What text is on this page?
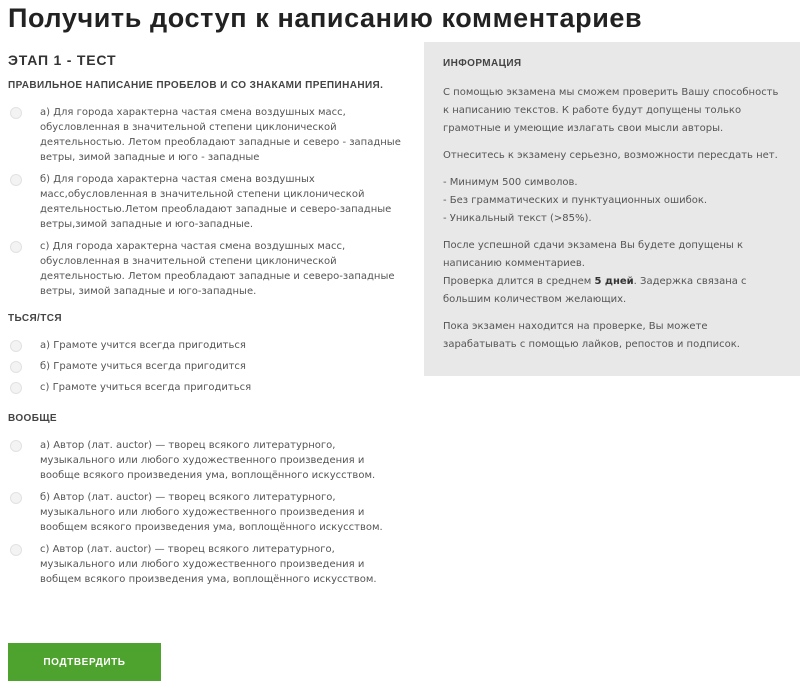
Получить доступ к написанию комментариев
ЭТАП 1 - ТЕСТ
ПРАВИЛЬНОЕ НАПИСАНИЕ ПРОБЕЛОВ И СО ЗНАКАМИ ПРЕПИНАНИЯ.
а) Для города характерна частая смена воздушных масс, обусловленная в значительной степени циклонической деятельностью. Летом преобладают западные и северо - западные ветры, зимой западные и юго - западные
б) Для города характерна частая смена воздушных масс,обусловленная в значительной степени циклонической деятельностью.Летом преобладают западные и северо-западные ветры,зимой западные и юго-западные.
с) Для города характерна частая смена воздушных масс, обусловленная в значительной степени циклонической деятельностью. Летом преобладают западные и северо-западные ветры, зимой западные и юго-западные.
ТЬСЯ/ТСЯ
а) Грамоте учится всегда пригодиться
б) Грамоте учиться всегда пригодится
с) Грамоте учиться всегда пригодиться
ВООБЩЕ
а) Автор (лат. auctor) — творец всякого литературного, музыкального или любого художественного произведения и вообще всякого произведения ума, воплощённого искусством.
б) Автор (лат. auctor) — творец всякого литературного, музыкального или любого художественного произведения и вообщем всякого произведения ума, воплощённого искусством.
с) Автор (лат. auctor) — творец всякого литературного, музыкального или любого художественного произведения и вобщем всякого произведения ума, воплощённого искусством.
ПОДТВЕРДИТЬ
ИНФОРМАЦИЯ

С помощью экзамена мы сможем проверить Вашу способность к написанию текстов. К работе будут допущены только грамотные и умеющие излагать свои мысли авторы.

Отнеситесь к экзамену серьезно, возможности пересдать нет.

- Минимум 500 символов.
- Без грамматических и пунктуационных ошибок.
- Уникальный текст (>85%).

После успешной сдачи экзамена Вы будете допущены к написанию комментариев.
Проверка длится в среднем 5 дней. Задержка связана с большим количеством желающих.

Пока экзамен находится на проверке, Вы можете зарабатывать с помощью лайков, репостов и подписок.
